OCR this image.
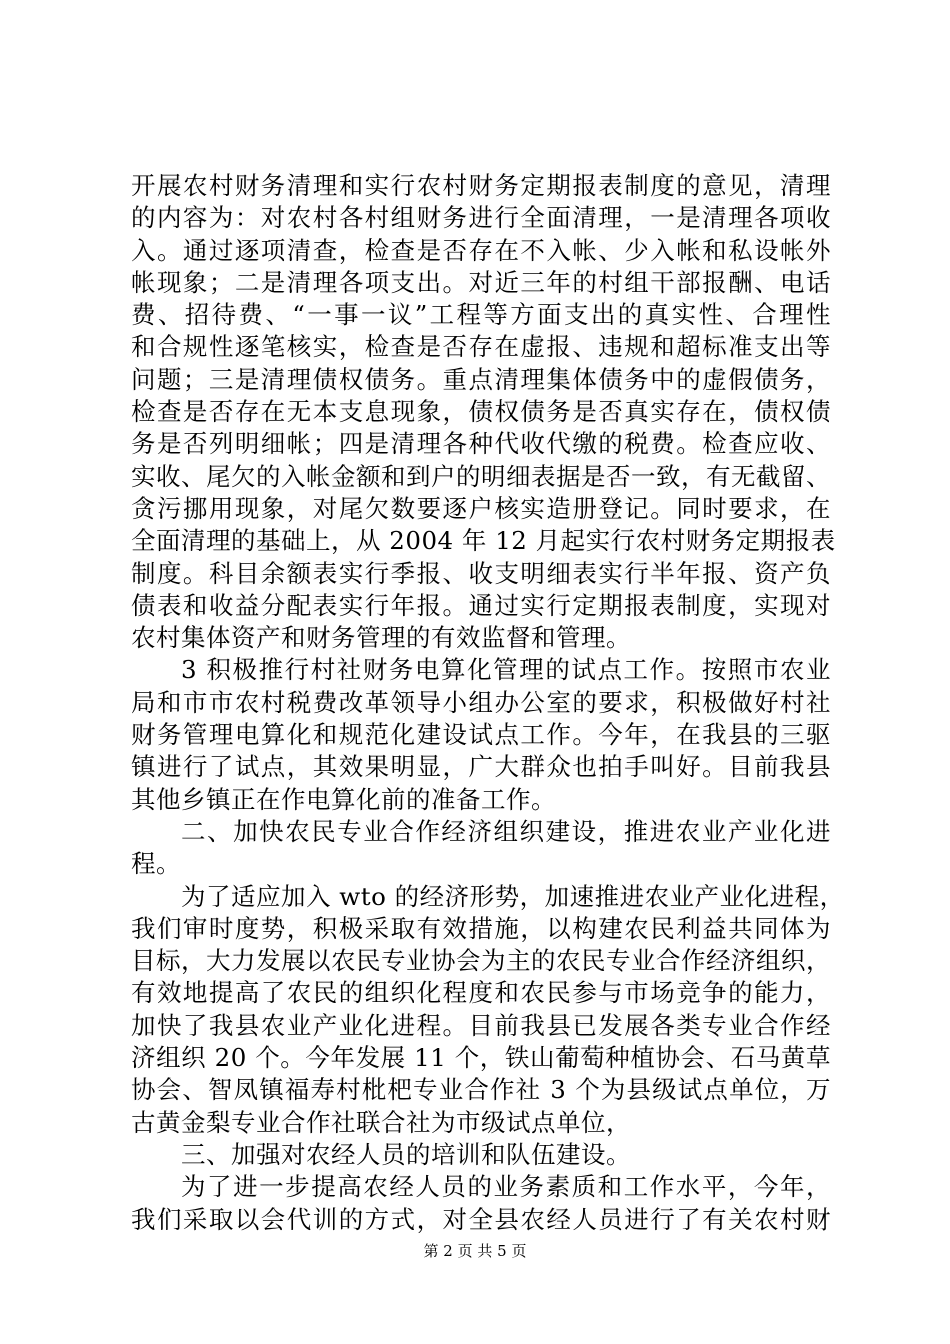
开展农村财务清理和实行农村财务定期报表制度的意见，清理
的内容为：对农村各村组财务进行全面清理，一是清理各项收
入。通过逐项清查，检查是否存在不入帐、少入帐和私设帐外
帐现象；二是清理各项支出。对近三年的村组干部报酬、电话
费、招待费、“一事一议”工程等方面支出的真实性、合理性
和合规性逐笔核实，检查是否存在虚报、违规和超标准支出等
问题；三是清理债权债务。重点清理集体债务中的虚假债务，
检查是否存在无本支息现象，债权债务是否真实存在，债权债
务是否列明细帐；四是清理各种代收代缴的税费。检查应收、
实收、尾欠的入帐金额和到户的明细表据是否一致，有无截留、
贪污挪用现象，对尾欠数要逐户核实造册登记。同时要求，在
全面清理的基础上，从 2004 年 12 月起实行农村财务定期报表
制度。科目余额表实行季报、收支明细表实行半年报、资产负
债表和收益分配表实行年报。通过实行定期报表制度，实现对
农村集体资产和财务管理的有效监督和管理。
3 积极推行村社财务电算化管理的试点工作。按照市农业
局和市市农村税费改革领导小组办公室的要求，积极做好村社
财务管理电算化和规范化建设试点工作。今年，在我县的三驱
镇进行了试点，其效果明显，广大群众也拍手叫好。目前我县
其他乡镇正在作电算化前的准备工作。
二、加快农民专业合作经济组织建设，推进农业产业化进
程。
为了适应加入 wto 的经济形势，加速推进农业产业化进程，
我们审时度势，积极采取有效措施，以构建农民利益共同体为
目标，大力发展以农民专业协会为主的农民专业合作经济组织，
有效地提高了农民的组织化程度和农民参与市场竞争的能力，
加快了我县农业产业化进程。目前我县已发展各类专业合作经
济组织 20 个。今年发展 11 个，铁山葡萄种植协会、石马黄草
协会、智凤镇福寿村枇杷专业合作社 3 个为县级试点单位，万
古黄金梨专业合作社联合社为市级试点单位，
三、加强对农经人员的培训和队伍建设。
为了进一步提高农经人员的业务素质和工作水平，今年，
我们采取以会代训的方式，对全县农经人员进行了有关农村财
第 2 页 共 5 页
